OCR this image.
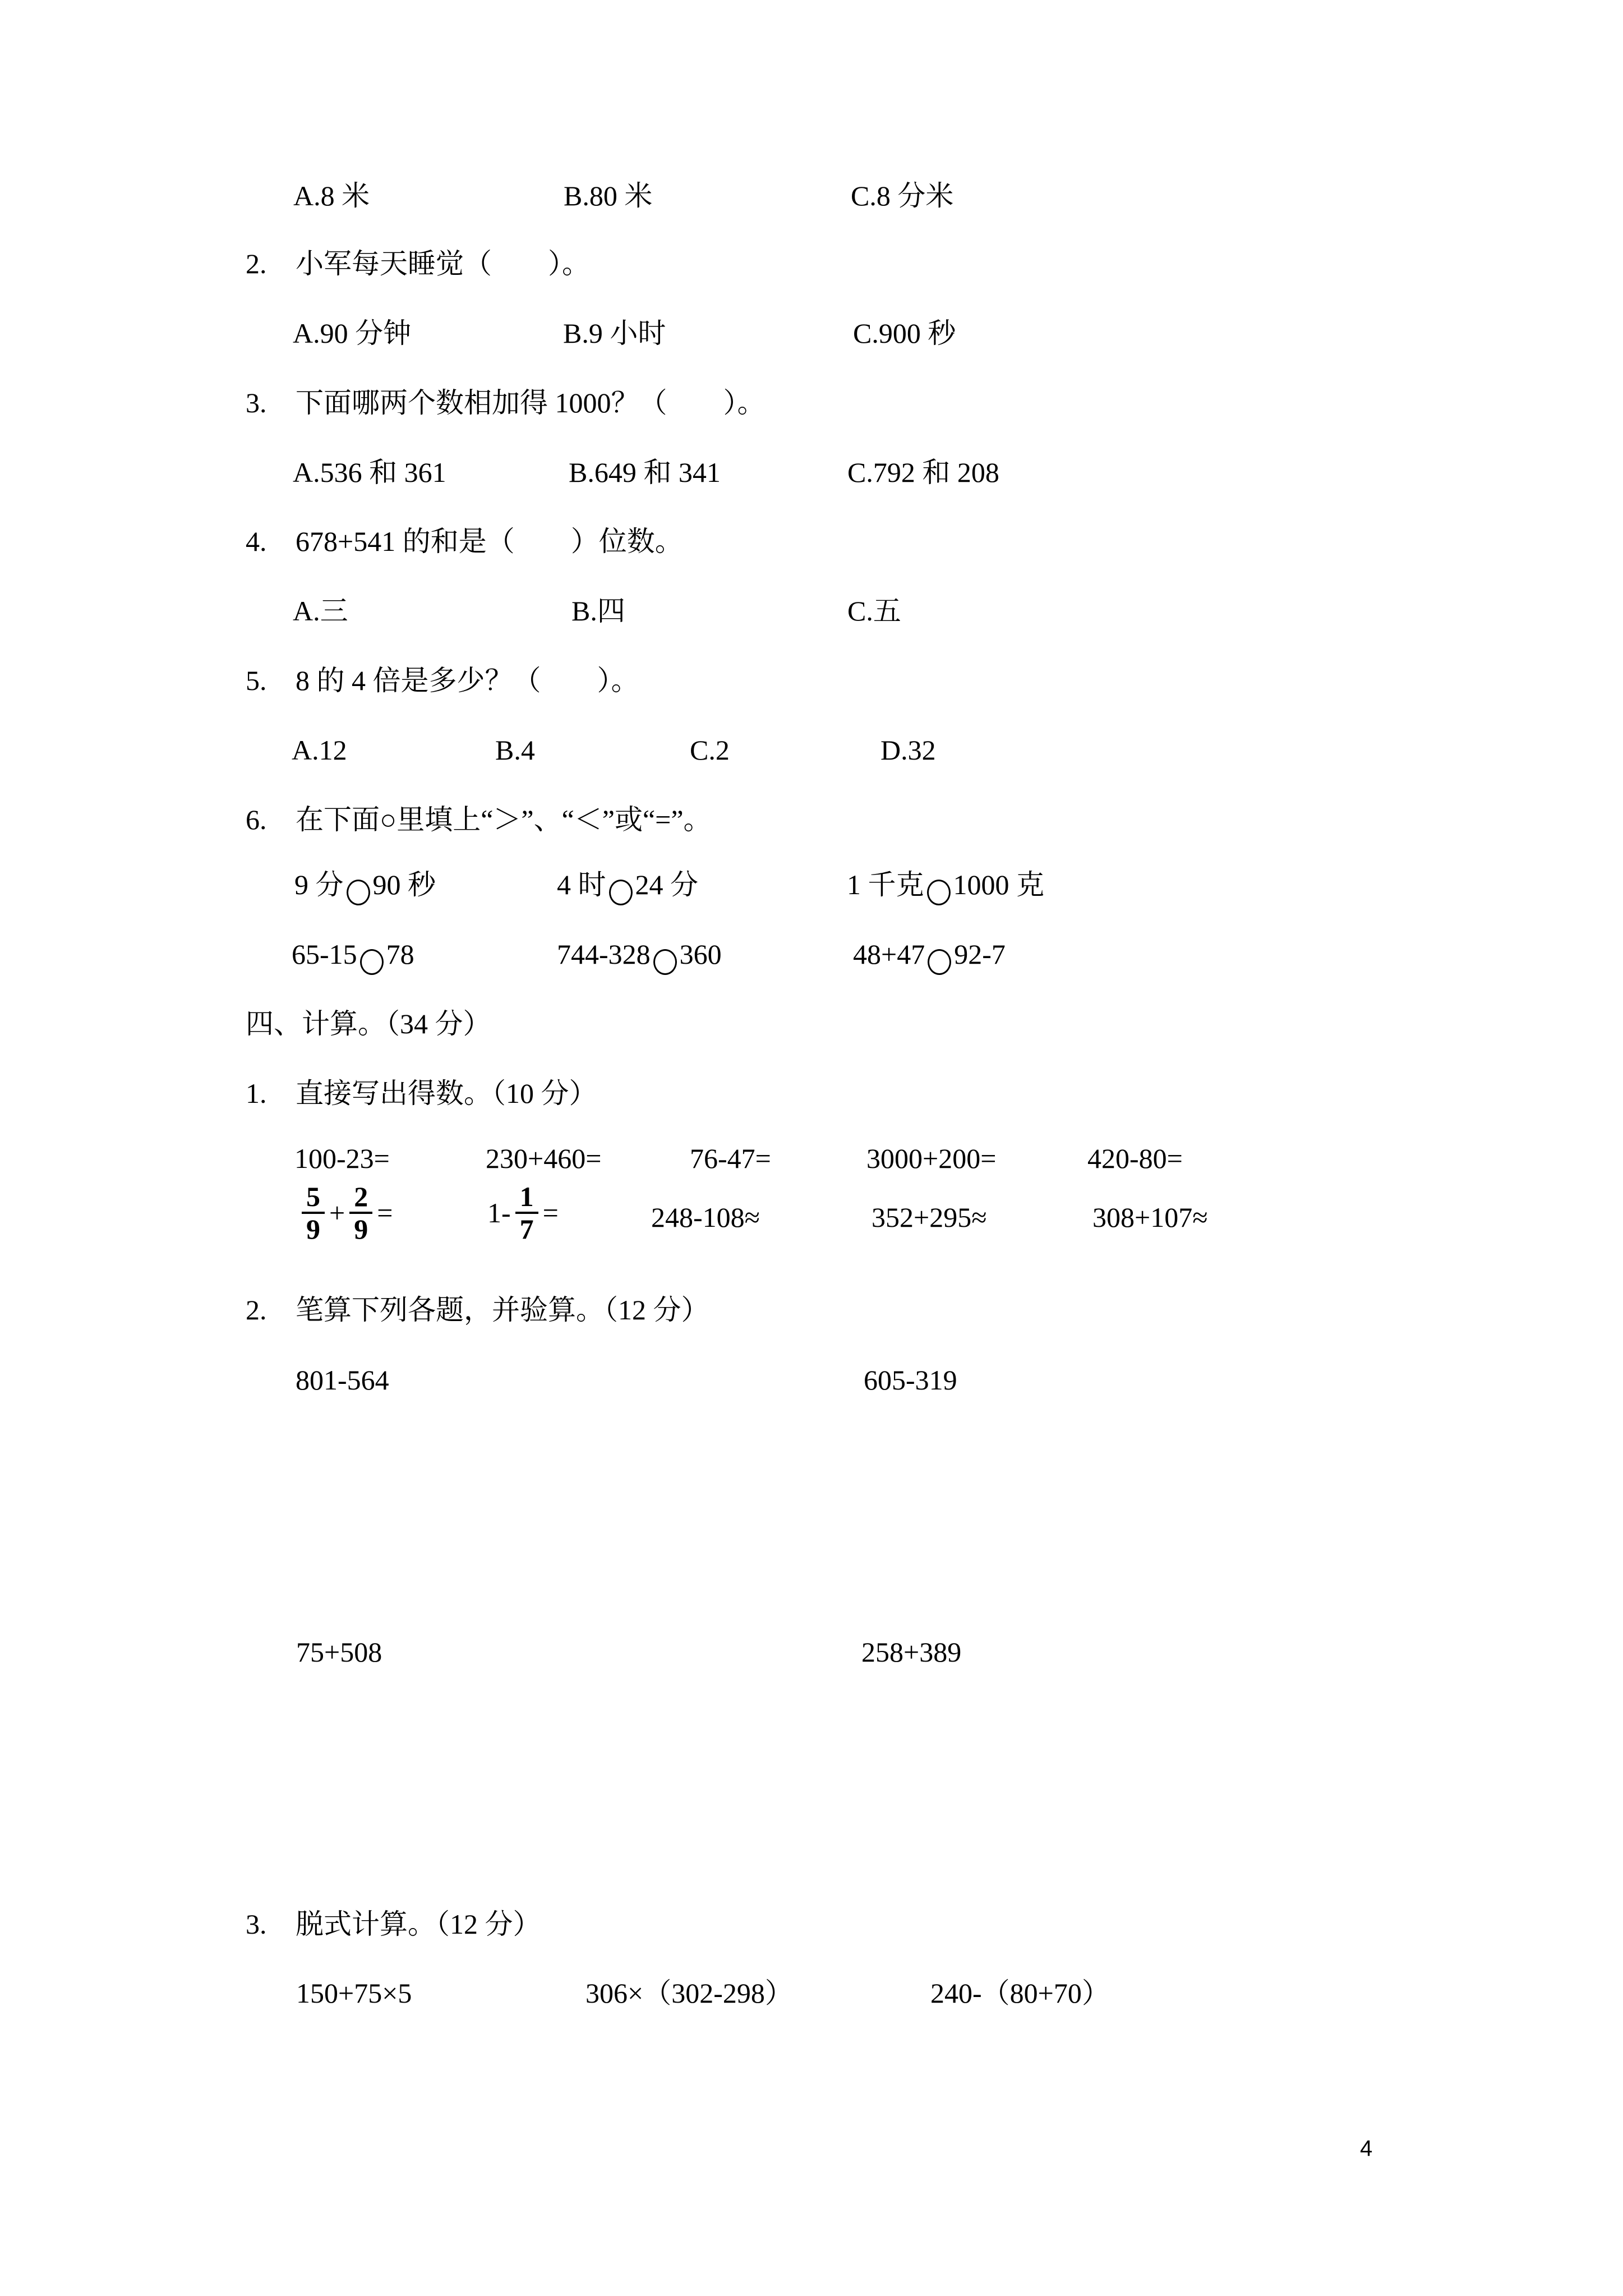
A.8 米	B.80 米	C.8 分米
2. 小军每天睡觉（　　）。
A.90 分钟	B.9 小时	C.900 秒
3. 下面哪两个数相加得 1000？（　　）。
A.536 和 361	B.649 和 341	C.792 和 208
4. 678+541 的和是（　　）位数。
A.三	B.四	C.五
5. 8 的 4 倍是多少？（　　）。
A.12	B.4	C.2	D.32
6. 在下面○里填上“＞”、“＜”或“=”。
9 分 90 秒	4 时 24 分	1 千克 1000 克
65-15 78	744-328 360	48+47 92-7
四、计算。（34 分）
1. 直接写出得数。（10 分）
100-23=	230+460=	76-47=	3000+200=	420-80=
$\frac{5}{9} + \frac{2}{9}$ =	$1- \frac{1}{7}$ =	248-108≈	352+295≈	308+107≈
2. 笔算下列各题，并验算。（12 分）
801-564	605-319
75+508	258+389
3. 脱式计算。（12 分）
150+75×5	306×（302-298）	240-（80+70）
4
